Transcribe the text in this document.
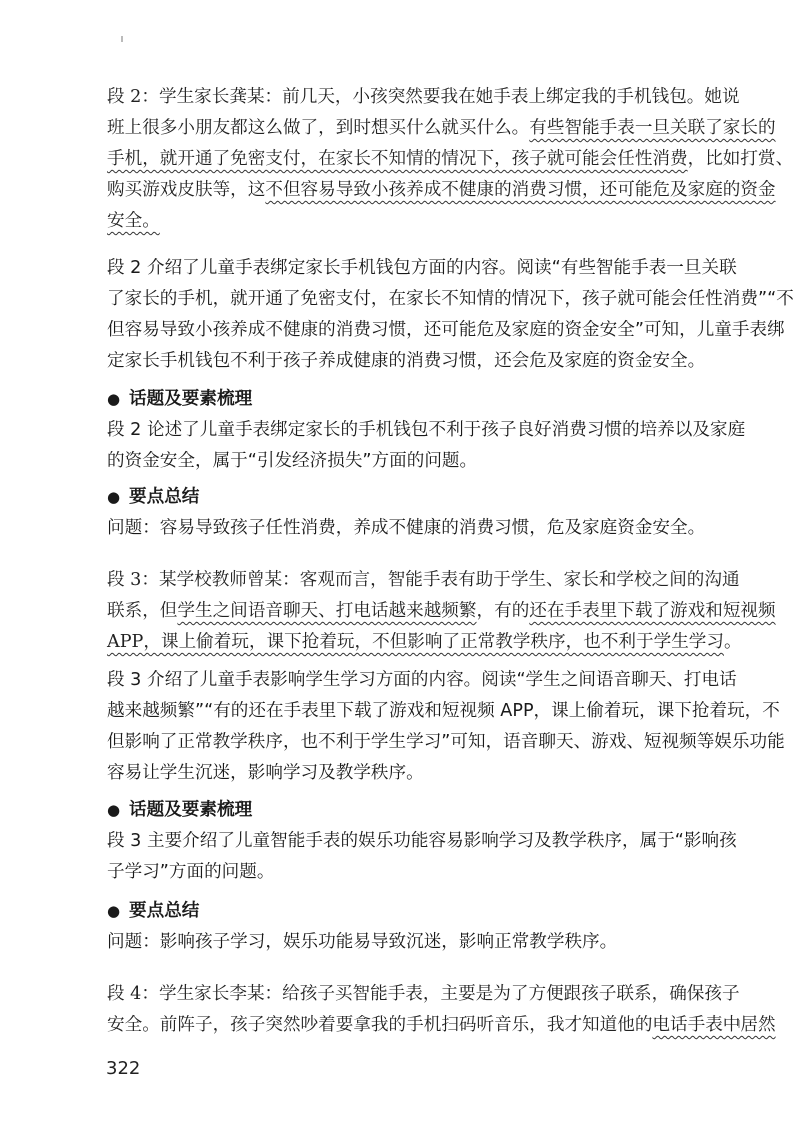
段 2：学生家长龚某：前几天，小孩突然要我在她手表上绑定我的手机钱包。她说
班上很多小朋友都这么做了，到时想买什么就买什么。有些智能手表一旦关联了家长的
手机，就开通了免密支付，在家长不知情的情况下，孩子就可能会任性消费，比如打赏、
购买游戏皮肤等，这不但容易导致小孩养成不健康的消费习惯，还可能危及家庭的资金
安全。
段 2 介绍了儿童手表绑定家长手机钱包方面的内容。阅读“有些智能手表一旦关联
了家长的手机，就开通了免密支付，在家长不知情的情况下，孩子就可能会任性消费”“不
但容易导致小孩养成不健康的消费习惯，还可能危及家庭的资金安全”可知，儿童手表绑
定家长手机钱包不利于孩子养成健康的消费习惯，还会危及家庭的资金安全。
● 话题及要素梳理
段 2 论述了儿童手表绑定家长的手机钱包不利于孩子良好消费习惯的培养以及家庭
的资金安全，属于“引发经济损失”方面的问题。
● 要点总结
问题：容易导致孩子任性消费，养成不健康的消费习惯，危及家庭资金安全。
段 3：某学校教师曾某：客观而言，智能手表有助于学生、家长和学校之间的沟通
联系，但学生之间语音聊天、打电话越来越频繁，有的还在手表里下载了游戏和短视频
APP，课上偷着玩，课下抢着玩，不但影响了正常教学秩序，也不利于学生学习。
段 3 介绍了儿童手表影响学生学习方面的内容。阅读“学生之间语音聊天、打电话
越来越频繁”“有的还在手表里下载了游戏和短视频 APP，课上偷着玩，课下抢着玩，不
但影响了正常教学秩序，也不利于学生学习”可知，语音聊天、游戏、短视频等娱乐功能
容易让学生沉迷，影响学习及教学秩序。
● 话题及要素梳理
段 3 主要介绍了儿童智能手表的娱乐功能容易影响学习及教学秩序，属于“影响孩
子学习”方面的问题。
● 要点总结
问题：影响孩子学习，娱乐功能易导致沉迷，影响正常教学秩序。
段 4：学生家长李某：给孩子买智能手表，主要是为了方便跟孩子联系，确保孩子
安全。前阵子，孩子突然吵着要拿我的手机扫码听音乐，我才知道他的电话手表中居然
322
